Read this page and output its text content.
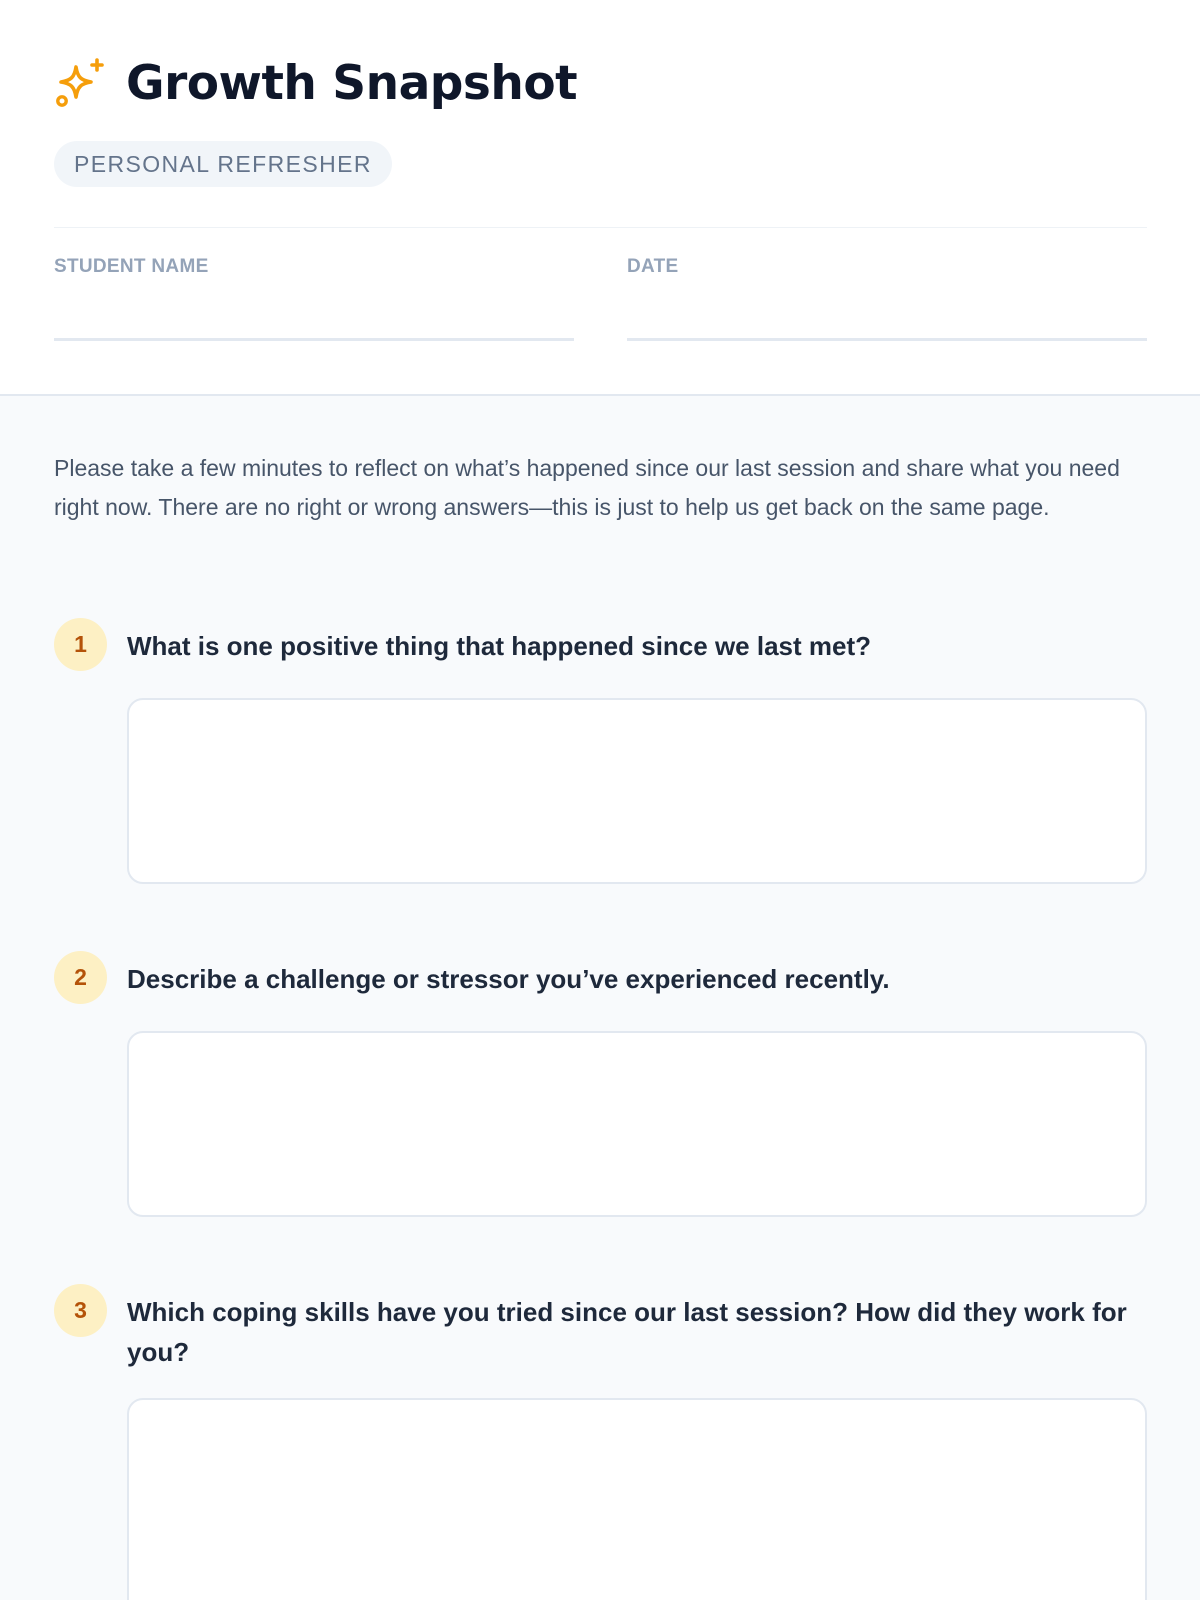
Growth Snapshot
PERSONAL REFRESHER
STUDENT NAME	DATE

Please take a few minutes to reflect on what’s happened since our last session and share what you need right now. There are no right or wrong answers—this is just to help us get back on the same page.

1	What is one positive thing that happened since we last met?
2	Describe a challenge or stressor you’ve experienced recently.
3	Which coping skills have you tried since our last session? How did they work for you?
